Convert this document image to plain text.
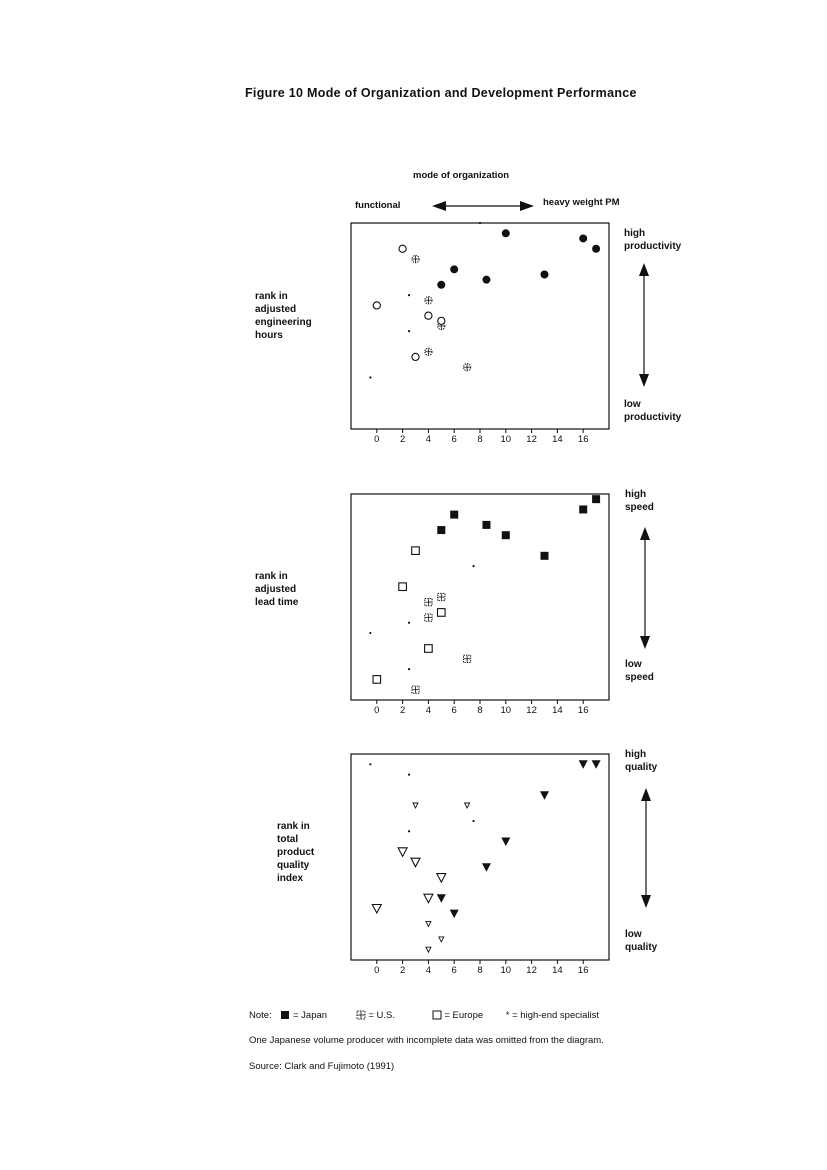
Figure 10 Mode of Organization and Development Performance
mode of organization
functional	heavy weight PM
0 2 4 6 8 10 12 14 16
0 2 4 6 8 10 12 14 16
0 2 4 6 8 10 12 14 16
rank in
adjusted
engineering
hours
rank in
adjusted
lead time
rank in
total
product
quality
index
high
productivity
low
productivity
high
speed
low
speed
high
quality
low
quality
Note: = Japan	= U.S.	= Europe * = high-end specialist
One Japanese volume producer with incomplete data was omitted from the diagram.
Source: Clark and Fujimoto (1991)
